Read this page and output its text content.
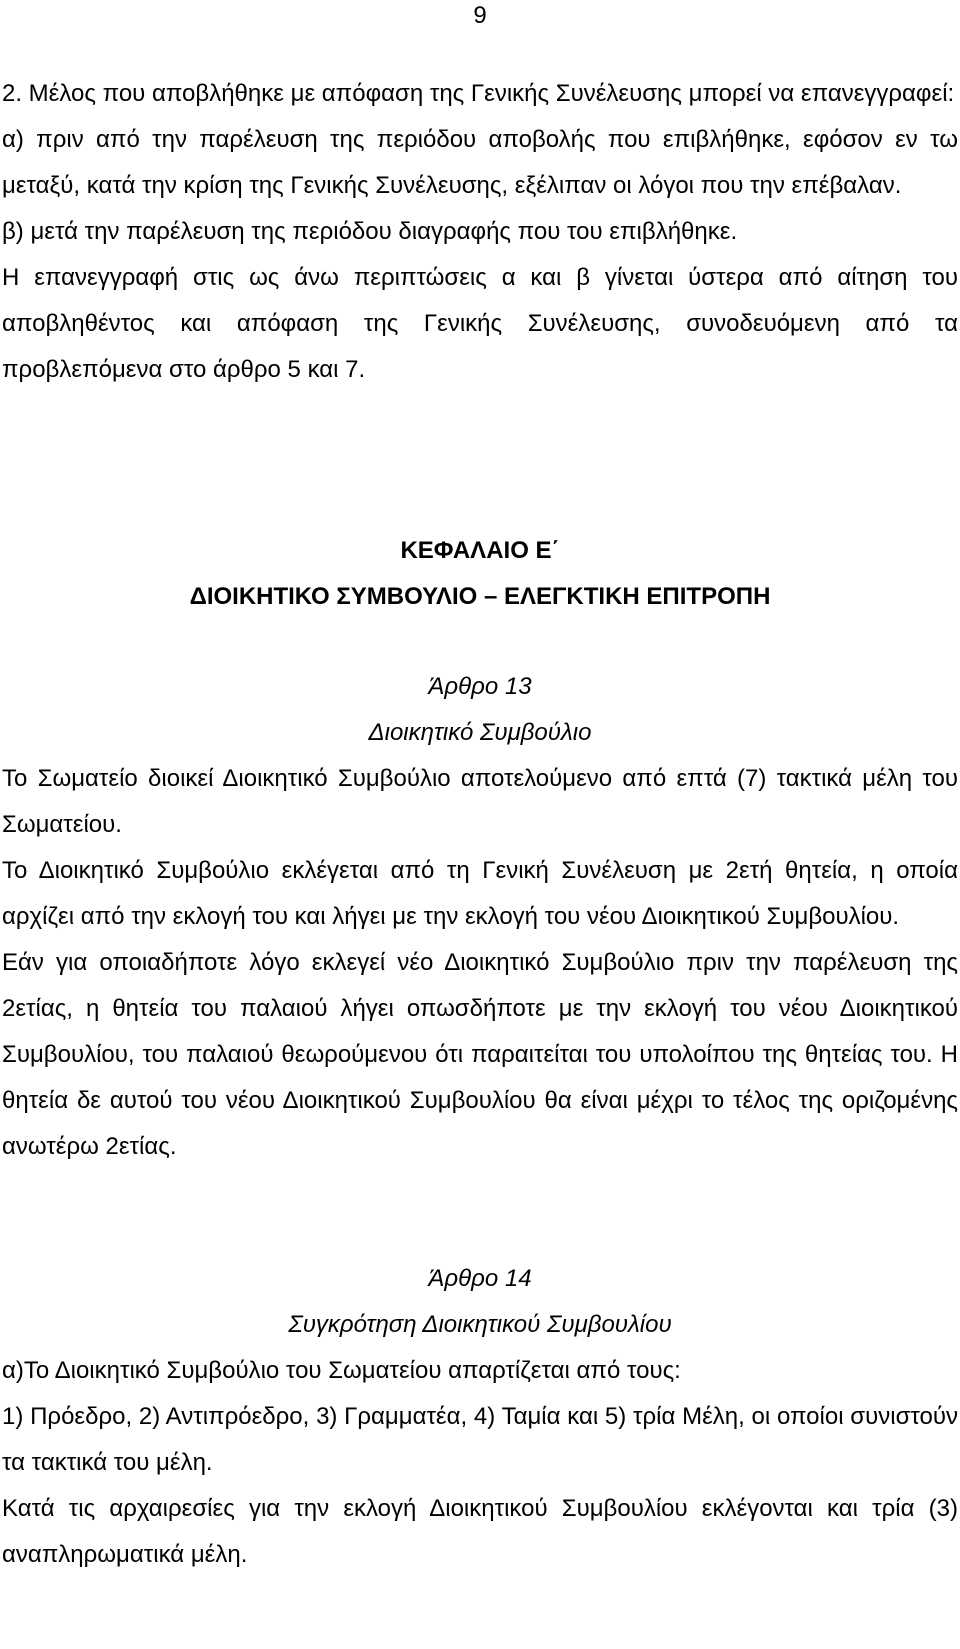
9

2. Μέλος που αποβλήθηκε με απόφαση της Γενικής Συνέλευσης μπορεί να επανεγγραφεί:

α) πριν από την παρέλευση της περιόδου αποβολής που επιβλήθηκε, εφόσον εν τω μεταξύ, κατά την κρίση της Γενικής Συνέλευσης, εξέλιπαν οι λόγοι που την επέβαλαν.

β) μετά την παρέλευση της περιόδου διαγραφής που του επιβλήθηκε.

Η επανεγγραφή στις ως άνω περιπτώσεις α και β γίνεται ύστερα από αίτηση του αποβληθέντος και απόφαση της Γενικής Συνέλευσης, συνοδευόμενη από τα προβλεπόμενα στο άρθρο 5 και 7.

ΚΕΦΑΛΑΙΟ Ε΄

ΔΙΟΙΚΗΤΙΚΟ ΣΥΜΒΟΥΛΙΟ – ΕΛΕΓΚΤΙΚΗ ΕΠΙΤΡΟΠΗ

Άρθρο 13

Διοικητικό Συμβούλιο

Το Σωματείο διοικεί Διοικητικό Συμβούλιο αποτελούμενο από επτά (7) τακτικά μέλη του Σωματείου.

Το Διοικητικό Συμβούλιο εκλέγεται από τη Γενική Συνέλευση με 2ετή θητεία, η οποία αρχίζει από την εκλογή του και λήγει με την εκλογή του νέου Διοικητικού Συμβουλίου.

Εάν για οποιαδήποτε λόγο εκλεγεί νέο Διοικητικό Συμβούλιο πριν την παρέλευση της 2ετίας, η θητεία του παλαιού λήγει οπωσδήποτε με την εκλογή του νέου Διοικητικού Συμβουλίου, του παλαιού θεωρούμενου ότι παραιτείται του υπολοίπου της θητείας του. Η θητεία δε αυτού του νέου Διοικητικού Συμβουλίου θα είναι μέχρι το τέλος της οριζομένης ανωτέρω 2ετίας.

Άρθρο 14

Συγκρότηση Διοικητικού Συμβουλίου

α)Το Διοικητικό Συμβούλιο του Σωματείου απαρτίζεται από τους:

1) Πρόεδρο, 2) Αντιπρόεδρο, 3) Γραμματέα, 4) Ταμία και 5) τρία Μέλη, οι οποίοι συνιστούν τα τακτικά του μέλη.

Κατά τις αρχαιρεσίες για την εκλογή Διοικητικού Συμβουλίου εκλέγονται και τρία (3) αναπληρωματικά μέλη.
